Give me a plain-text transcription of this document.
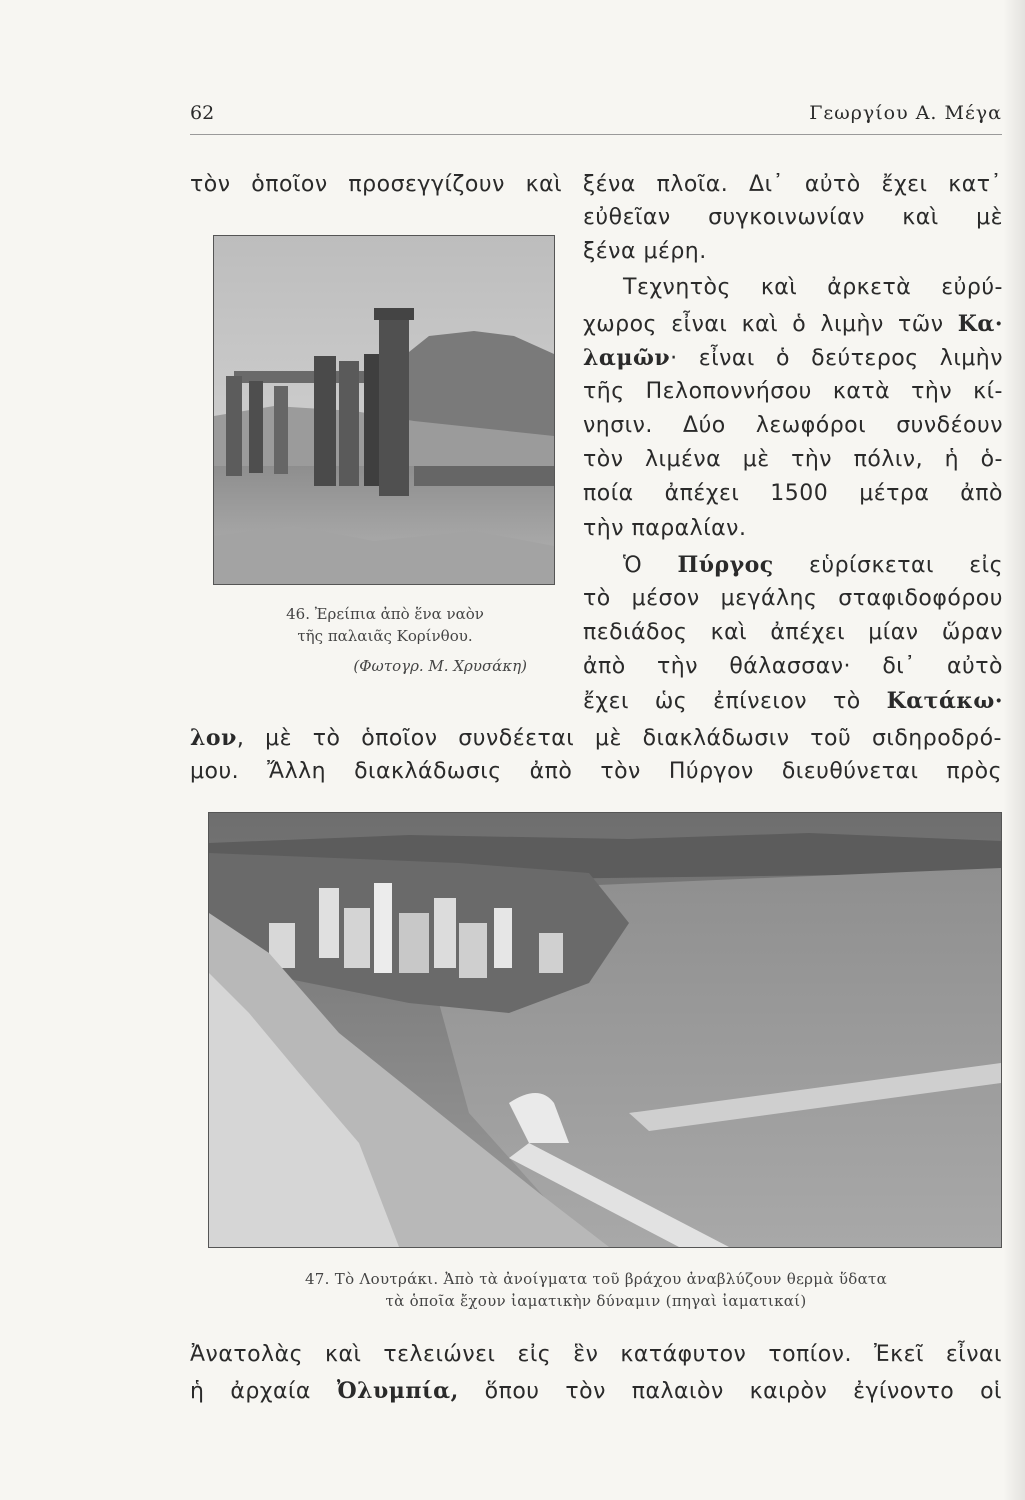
62	Γεωργίου Α. Μέγα
τὸν ὁποῖον προσεγγίζουν καὶ ξένα πλοῖα. Δι᾽ αὐτὸ ἔχει κατ᾽
εὐθεῖαν συγκοινωνίαν καὶ μὲ
ξένα μέρη.
Τεχνητὸς καὶ ἀρκετὰ εὐρύ-
χωρος εἶναι καὶ ὁ λιμὴν τῶν Κα·
λαμῶν· εἶναι ὁ δεύτερος λιμὴν
τῆς Πελοποννήσου κατὰ τὴν κί-
νησιν. Δύο λεωφόροι συνδέουν
τὸν λιμένα μὲ τὴν πόλιν, ἡ ὁ-
ποία ἀπέχει 1500 μέτρα ἀπὸ
τὴν παραλίαν.
Ὁ Πύργος εὑρίσκεται εἰς
τὸ μέσον μεγάλης σταφιδοφόρου
πεδιάδος καὶ ἀπέχει μίαν ὥραν
ἀπὸ τὴν θάλασσαν· δι᾽ αὐτὸ
ἔχει ὡς ἐπίνειον τὸ Κατάκω·
46. Ἐρείπια ἀπὸ ἕνα ναὸν
τῆς παλαιᾶς Κορίνθου.
(Φωτογρ. Μ. Χρυσάκη)
λον, μὲ τὸ ὁποῖον συνδέεται μὲ διακλάδωσιν τοῦ σιδηροδρό-
μου. Ἄλλη διακλάδωσις ἀπὸ τὸν Πύργον διευθύνεται πρὸς
47. Τὸ Λουτράκι. Ἀπὸ τὰ ἀνοίγματα τοῦ βράχου ἀναβλύζουν θερμὰ ὕδατα
τὰ ὁποῖα ἔχουν ἰαματικὴν δύναμιν (πηγαὶ ἰαματικαί)
Ἀνατολὰς καὶ τελειώνει εἰς ἓν κατάφυτον τοπίον. Ἐκεῖ εἶναι
ἡ ἀρχαία Ὀλυμπία, ὅπου τὸν παλαιὸν καιρὸν ἐγίνοντο οἱ
